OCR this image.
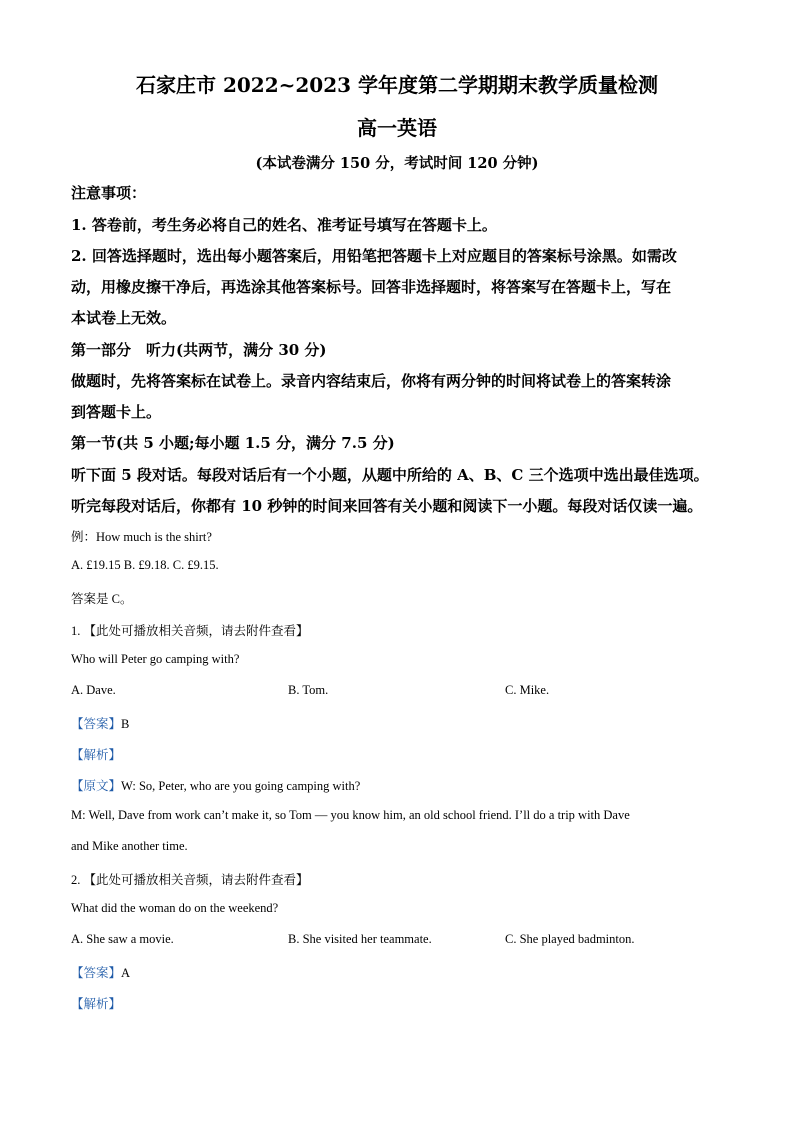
石家庄市 2022~2023 学年度第二学期期末教学质量检测
高一英语
(本试卷满分 150 分，考试时间 120 分钟)
注意事项：
1. 答卷前，考生务必将自己的姓名、准考证号填写在答题卡上。
2. 回答选择题时，选出每小题答案后，用铅笔把答题卡上对应题目的答案标号涂黑。如需改
动，用橡皮擦干净后，再选涂其他答案标号。回答非选择题时，将答案写在答题卡上，写在
本试卷上无效。
第一部分　听力(共两节，满分 30 分)
做题时，先将答案标在试卷上。录音内容结束后，你将有两分钟的时间将试卷上的答案转涂
到答题卡上。
第一节(共 5 小题;每小题 1.5 分，满分 7.5 分)
听下面 5 段对话。每段对话后有一个小题，从题中所给的 A、B、C 三个选项中选出最佳选项。
听完每段对话后，你都有 10 秒钟的时间来回答有关小题和阅读下一小题。每段对话仅读一遍。
例：How much is the shirt?
A. £19.15 B. £9.18. C. £9.15.
答案是 C。
1. 【此处可播放相关音频，请去附件查看】
Who will Peter go camping with?
A. Dave.	B. Tom.	C. Mike.
【答案】B
【解析】
【原文】W: So, Peter, who are you going camping with?
M: Well, Dave from work can’t make it, so Tom — you know him, an old school friend. I’ll do a trip with Dave
and Mike another time.
2. 【此处可播放相关音频，请去附件查看】
What did the woman do on the weekend?
A. She saw a movie.	B. She visited her teammate.	C. She played badminton.
【答案】A
【解析】
